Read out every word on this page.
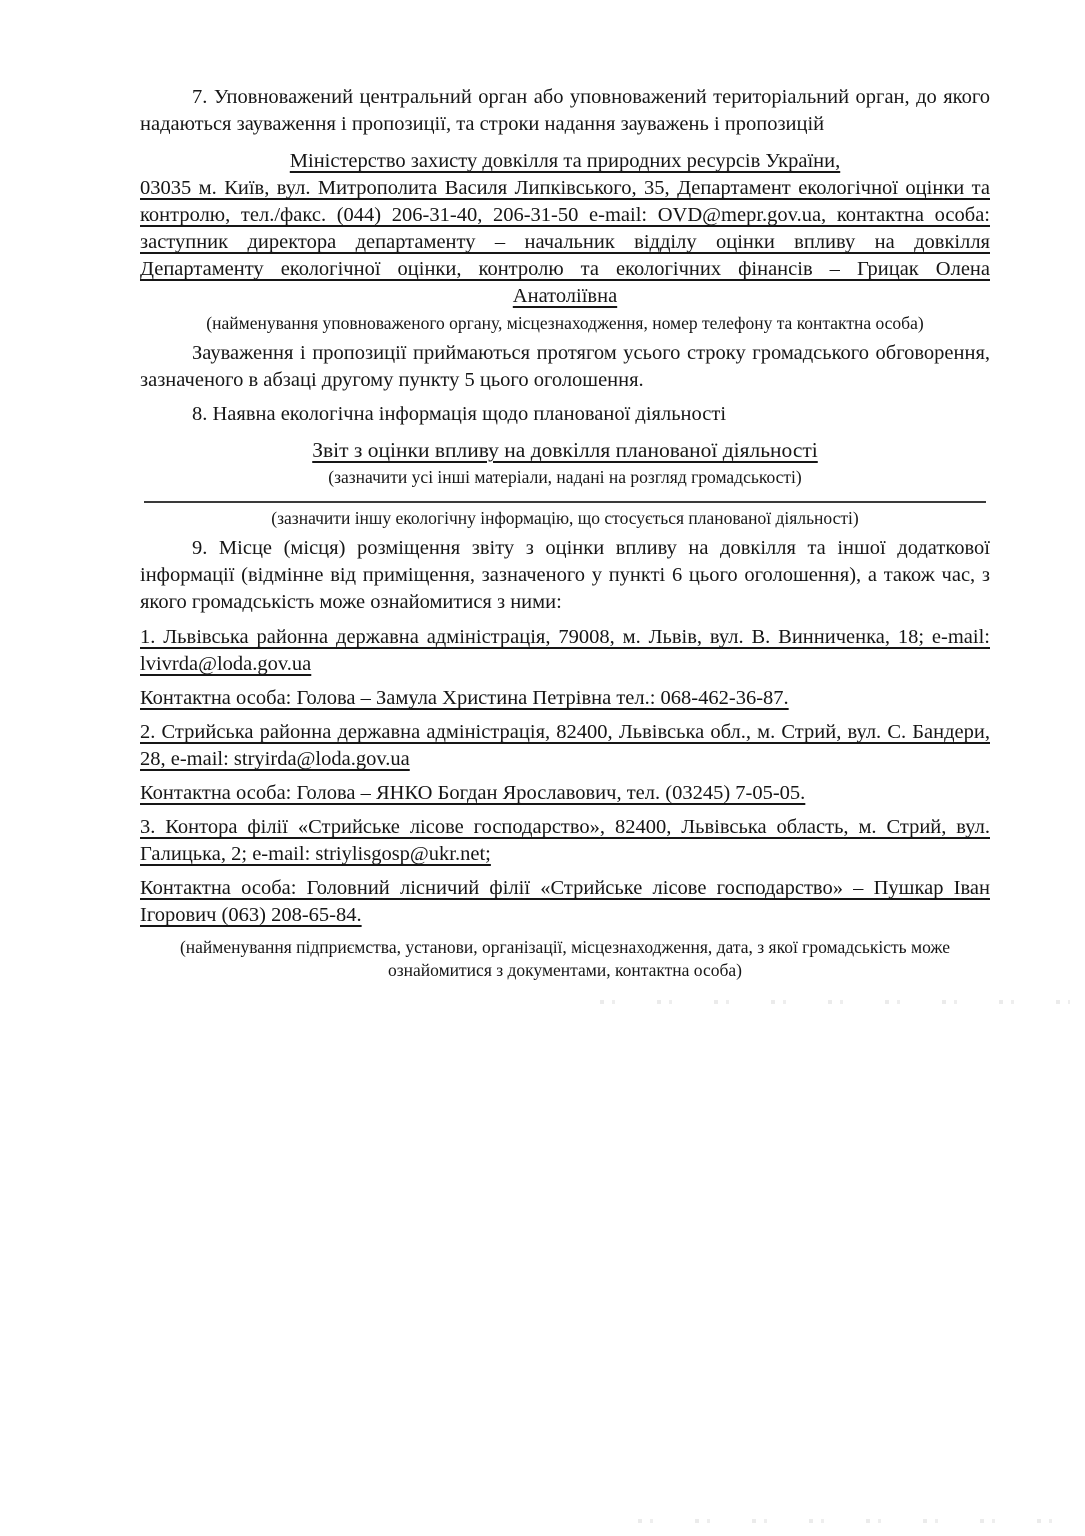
7. Уповноважений центральний орган або уповноважений територіальний орган, до якого надаються зауваження і пропозиції, та строки надання зауважень і пропозицій

Міністерство захисту довкілля та природних ресурсів України,

03035 м. Київ, вул. Митрополита Василя Липківського, 35, Департамент екологічної оцінки та контролю, тел./факс. (044) 206-31-40, 206-31-50 e-mail: OVD@mepr.gov.ua, контактна особа: заступник директора департаменту – начальник відділу оцінки впливу на довкілля Департаменту екологічної оцінки, контролю та екологічних фінансів – Грицак Олена Анатоліївна

(найменування уповноваженого органу, місцезнаходження, номер телефону та контактна особа)

Зауваження і пропозиції приймаються протягом усього строку громадського обговорення, зазначеного в абзаці другому пункту 5 цього оголошення.

8. Наявна екологічна інформація щодо планованої діяльності

Звіт з оцінки впливу на довкілля планованої діяльності

(зазначити усі інші матеріали, надані на розгляд громадськості)

(зазначити іншу екологічну інформацію, що стосується планованої діяльності)

9. Місце (місця) розміщення звіту з оцінки впливу на довкілля та іншої додаткової інформації (відмінне від приміщення, зазначеного у пункті 6 цього оголошення), а також час, з якого громадськість може ознайомитися з ними:

1. Львівська районна державна адміністрація, 79008, м. Львів, вул. В. Винниченка, 18; e-mail: lvivrda@loda.gov.ua

Контактна особа: Голова – Замула Христина Петрівна тел.: 068-462-36-87.

2. Стрийська районна державна адміністрація, 82400, Львівська обл., м. Стрий, вул. С. Бандери, 28, e-mail: stryirda@loda.gov.ua

Контактна особа: Голова – ЯНКО Богдан Ярославович, тел. (03245) 7-05-05.

3. Контора філії «Стрийське лісове господарство», 82400, Львівська область, м. Стрий, вул. Галицька, 2; e-mail: striylisgosp@ukr.net;

Контактна особа: Головний лісничий філії «Стрийське лісове господарство» – Пушкар Іван Ігорович (063) 208-65-84.

(найменування підприємства, установи, організації, місцезнаходження, дата, з якої громадськість може ознайомитися з документами, контактна особа)
